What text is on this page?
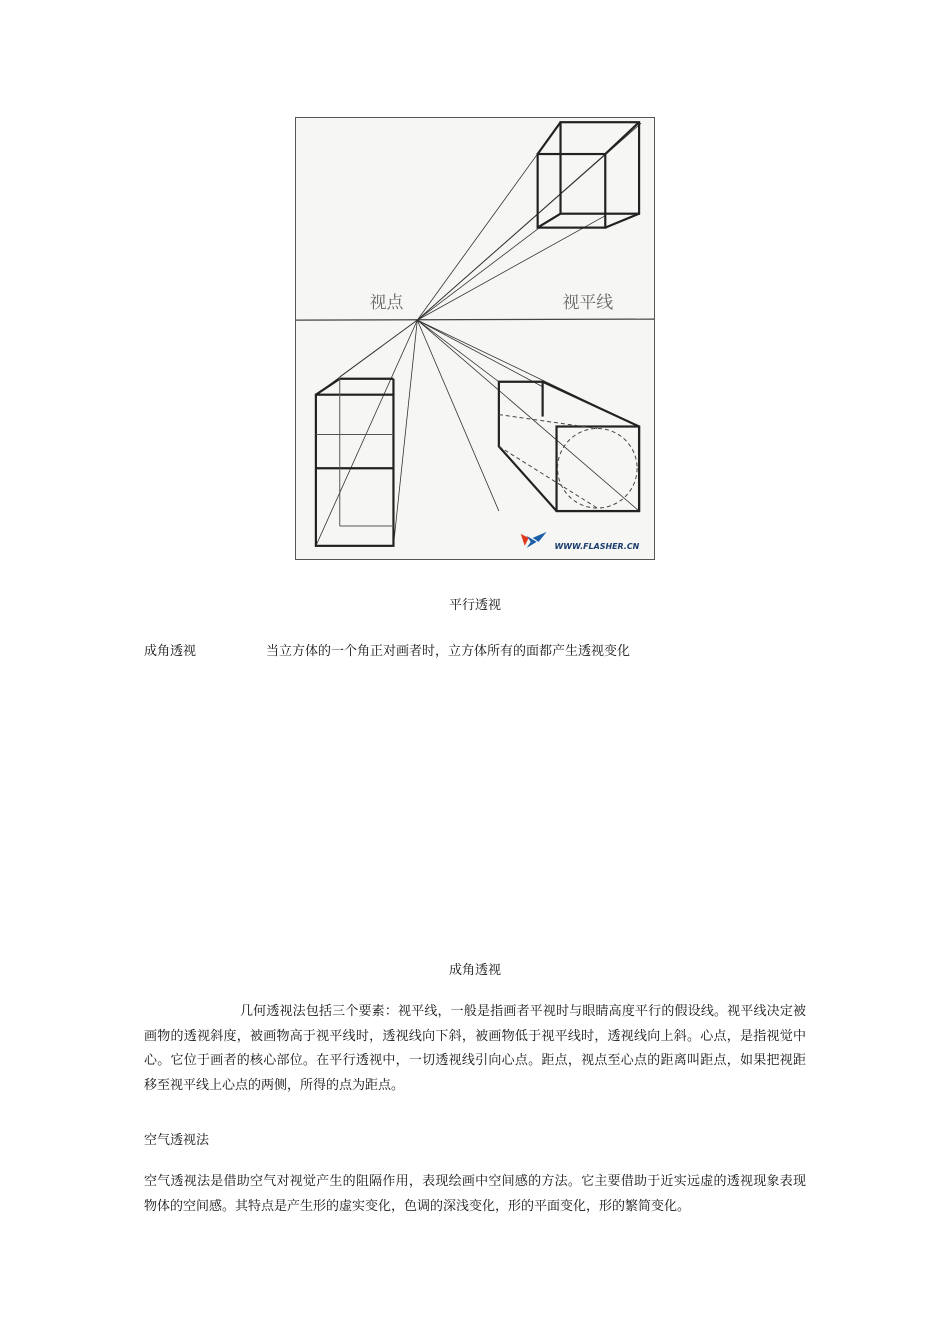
视点	视平线
WWW.FLASHER.CN
平行透视
成角透视	当立方体的一个角正对画者时，立方体所有的面都产生透视变化
成角透视
几何透视法包括三个要素：视平线，一般是指画者平视时与眼睛高度平行的假设线。视平线决定被画物的透视斜度，被画物高于视平线时，透视线向下斜，被画物低于视平线时，透视线向上斜。心点，是指视觉中心。它位于画者的核心部位。在平行透视中，一切透视线引向心点。距点，视点至心点的距离叫距点，如果把视距移至视平线上心点的两侧，所得的点为距点。
空气透视法
空气透视法是借助空气对视觉产生的阻隔作用，表现绘画中空间感的方法。它主要借助于近实远虚的透视现象表现物体的空间感。其特点是产生形的虚实变化，色调的深浅变化，形的平面变化，形的繁简变化。
